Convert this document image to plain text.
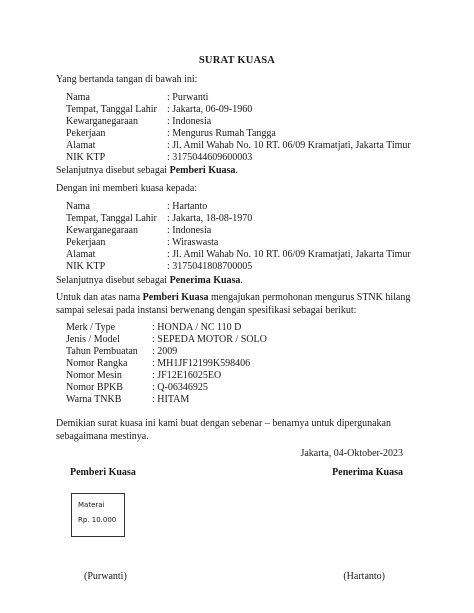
SURAT KUASA
Yang bertanda tangan di bawah ini:
Nama	: Purwanti
Tempat, Tanggal Lahir : Jakarta, 06-09-1960
Kewarganegaraan	: Indonesia
Pekerjaan	: Mengurus Rumah Tangga
Alamat	: Jl. Amil Wahab No. 10 RT. 06/09 Kramatjati, Jakarta Timur
NIK KTP	: 3175044609600003
Selanjutnya disebut sebagai Pemberi Kuasa.
Dengan ini memberi kuasa kepada:
Nama	: Hartanto
Tempat, Tanggal Lahir : Jakarta, 18-08-1970
Kewarganegaraan	: Indonesia
Pekerjaan	: Wiraswasta
Alamat	: Jl. Amil Wahab No. 10 RT. 06/09 Kramatjati, Jakarta Timur
NIK KTP	: 3175041808700005
Selanjutnya disebut sebagai Penerima Kuasa.
Untuk dan atas nama Pemberi Kuasa mengajukan permohonan mengurus STNK hilang sampai selesai pada instansi berwenang dengan spesifikasi sebagai berikut:
Merk / Type	: HONDA / NC 110 D
Jenis / Model	: SEPEDA MOTOR / SOLO
Tahun Pembuatan : 2009
Nomor Rangka : MH1JF12199K598406
Nomor Mesin	: JF12E16025EO
Nomor BPKB	: Q-06346925
Warna TNKB	: HITAM
Demikian surat kuasa ini kami buat dengan sebenar – benarnya untuk dipergunakan sebagaimana mestinya.
Jakarta, 04-Oktober-2023
Pemberi Kuasa	Penerima Kuasa
Materai
Rp. 10.000
(Purwanti)	(Hartanto)
